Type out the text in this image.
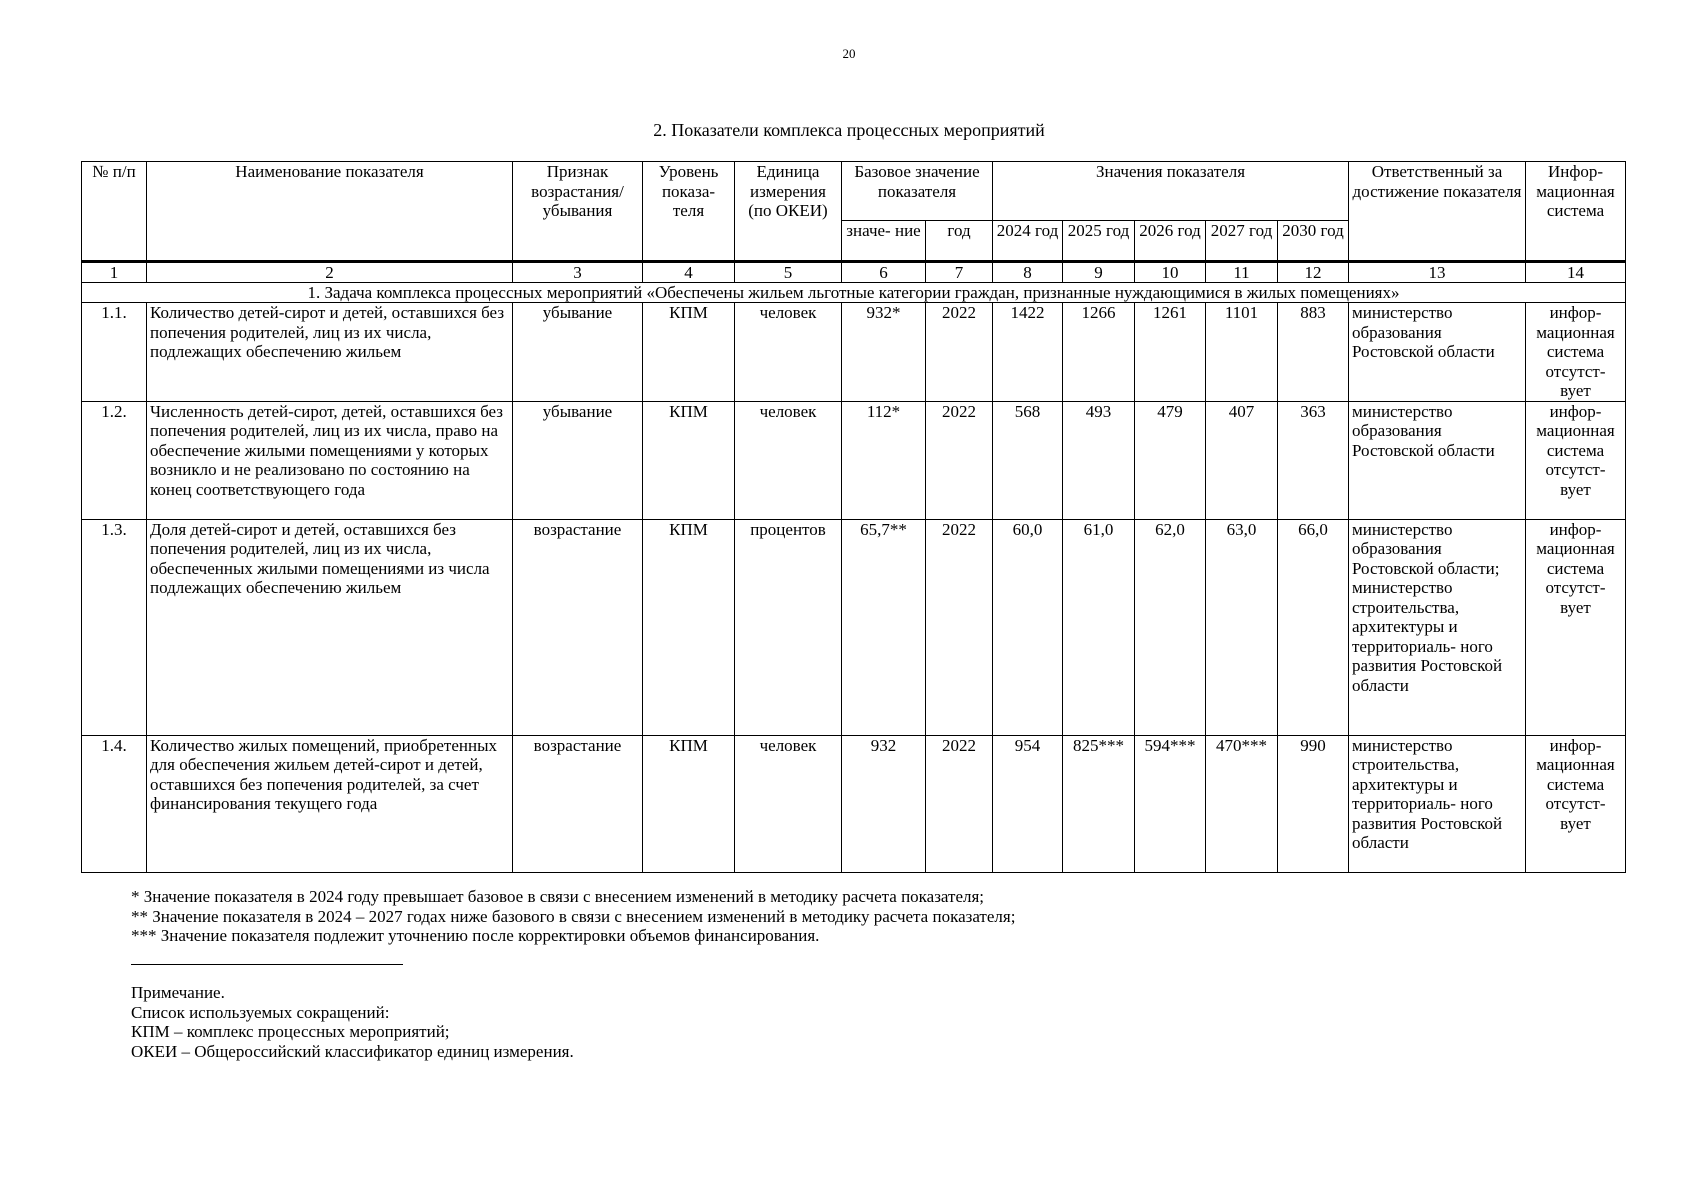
20
2. Показатели комплекса процессных мероприятий
№ п/п	Наименование показателя	Признак возрастания/ убывания	Уровень показа- теля	Единица измерения (по ОКЕИ)	Базовое значение показателя		Значения показателя					Ответственный за достижение показателя	Инфор- мационная система
					значе- ние	год	2024 год	2025 год	2026 год	2027 год	2030 год		
1	2	3	4	5	6	7	8	9	10	11	12	13	14
1. Задача комплекса процессных мероприятий «Обеспечены жильем льготные категории граждан, признанные нуждающимися в жилых помещениях»													
1.1.	Количество детей-сирот и детей, оставшихся без попечения родителей, лиц из их числа, подлежащих обеспечению жильем	убывание	КПМ	человек	932*	2022	1422	1266	1261	1101	883	министерство образования Ростовской области	инфор- мационная система отсутст- вует
1.2.	Численность детей-сирот, детей, оставшихся без попечения родителей, лиц из их числа, право на обеспечение жилыми помещениями у которых возникло и не реализовано по состоянию на конец соответствующего года	убывание	КПМ	человек	112*	2022	568	493	479	407	363	министерство образования Ростовской области	инфор- мационная система отсутст- вует
1.3.	Доля детей-сирот и детей, оставшихся без попечения родителей, лиц из их числа, обеспеченных жилыми помещениями из числа подлежащих обеспечению жильем	возрастание	КПМ	процентов	65,7**	2022	60,0	61,0	62,0	63,0	66,0	министерство образования Ростовской области; министерство строительства, архитектуры и территориаль- ного развития Ростовской области	инфор- мационная система отсутст- вует
1.4.	Количество жилых помещений, приобретенных для обеспечения жильем детей-сирот и детей, оставшихся без попечения родителей, за счет финансирования текущего года	возрастание	КПМ	человек	932	2022	954	825***	594***	470***	990	министерство строительства, архитектуры и территориаль- ного развития Ростовской области	инфор- мационная система отсутст- вует
* Значение показателя в 2024 году превышает базовое в связи с внесением изменений в методику расчета показателя;
** Значение показателя в 2024 – 2027 годах ниже базового в связи с внесением изменений в методику расчета показателя;
*** Значение показателя подлежит уточнению после корректировки объемов финансирования.
Примечание.
Список используемых сокращений:
КПМ – комплекс процессных мероприятий;
ОКЕИ – Общероссийский классификатор единиц измерения.
